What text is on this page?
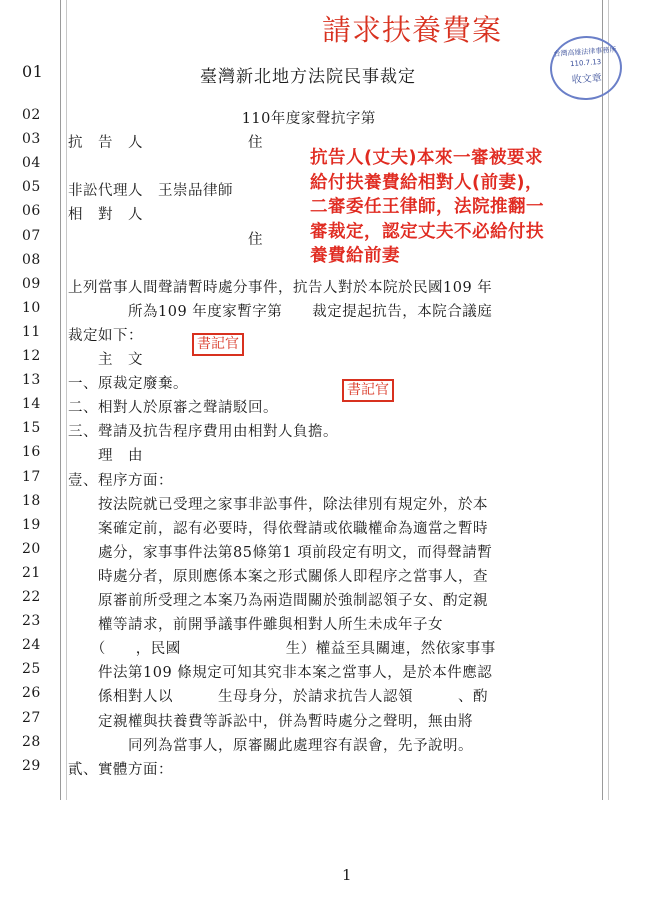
請求扶養費案
台灣高雄法律事務所
110.7.13
收文章
01	臺灣新北地方法院民事裁定
02	110年度家聲抗字第
03	抗　告　人　　　　　　　住
04
05	非訟代理人　王崇品律師
06	相　對　人
07	　　　　　　　　　　　　住
08
09	上列當事人間聲請暫時處分事件，抗告人對於本院於民國109 年
10	　　　　所為109 年度家暫字第　　裁定提起抗告，本院合議庭
11	裁定如下：
12	　　主　文
13	一、原裁定廢棄。
14	二、相對人於原審之聲請駁回。
15	三、聲請及抗告程序費用由相對人負擔。
16	　　理　由
17	壹、程序方面：
18	　　按法院就已受理之家事非訟事件，除法律別有規定外，於本
19	　　案確定前，認有必要時，得依聲請或依職權命為適當之暫時
20	　　處分，家事事件法第85條第1 項前段定有明文，而得聲請暫
21	　　時處分者，原則應係本案之形式關係人即程序之當事人，查
22	　　原審前所受理之本案乃為兩造間關於強制認領子女、酌定親
23	　　權等請求，前開爭議事件雖與相對人所生未成年子女
24	　　（　　，民國　　　　　　　生）權益至具關連，然依家事事
25	　　件法第109 條規定可知其究非本案之當事人，是於本件應認
26	　　係相對人以　　　生母身分，於請求抗告人認領　　　、酌
27	　　定親權與扶養費等訴訟中，併為暫時處分之聲明，無由將
28	　　　　同列為當事人，原審關此處理容有誤會，先予說明。
29	貳、實體方面：
抗告人(丈夫)本來一審被要求
給付扶養費給相對人(前妻)，
二審委任王律師，法院推翻一
審裁定，認定丈夫不必給付扶
養費給前妻
書記官
書記官
1
